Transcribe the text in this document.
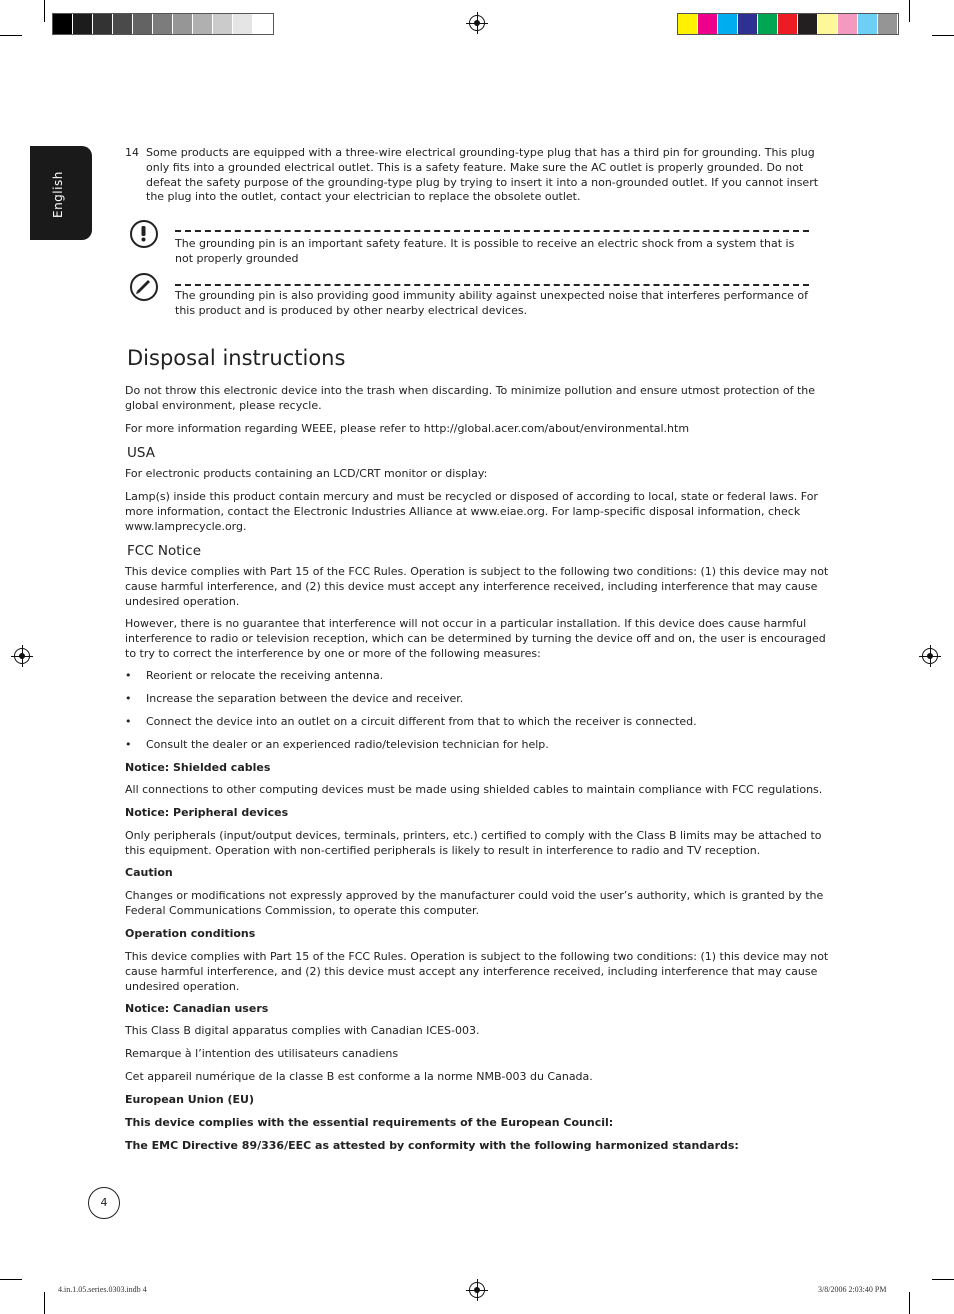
English
14 Some products are equipped with a three-wire electrical grounding-type plug that has a third pin for grounding. This plug only fits into a grounded electrical outlet. This is a safety feature. Make sure the AC outlet is properly grounded. Do not defeat the safety purpose of the grounding-type plug by trying to insert it into a non-grounded outlet. If you cannot insert the plug into the outlet, contact your electrician to replace the obsolete outlet.

The grounding pin is an important safety feature. It is possible to receive an electric shock from a system that is not properly grounded

The grounding pin is also providing good immunity ability against unexpected noise that interferes performance of this product and is produced by other nearby electrical devices.

Disposal instructions

Do not throw this electronic device into the trash when discarding. To minimize pollution and ensure utmost protection of the global environment, please recycle.

For more information regarding WEEE, please refer to http://global.acer.com/about/environmental.htm

USA

For electronic products containing an LCD/CRT monitor or display:

Lamp(s) inside this product contain mercury and must be recycled or disposed of according to local, state or federal laws. For more information, contact the Electronic Industries Alliance at www.eiae.org. For lamp-specific disposal information, check www.lamprecycle.org.

FCC Notice

This device complies with Part 15 of the FCC Rules. Operation is subject to the following two conditions: (1) this device may not cause harmful interference, and (2) this device must accept any interference received, including interference that may cause undesired operation.

However, there is no guarantee that interference will not occur in a particular installation. If this device does cause harmful interference to radio or television reception, which can be determined by turning the device off and on, the user is encouraged to try to correct the interference by one or more of the following measures:

• Reorient or relocate the receiving antenna.
• Increase the separation between the device and receiver.
• Connect the device into an outlet on a circuit different from that to which the receiver is connected.
• Consult the dealer or an experienced radio/television technician for help.

Notice: Shielded cables

All connections to other computing devices must be made using shielded cables to maintain compliance with FCC regulations.

Notice: Peripheral devices

Only peripherals (input/output devices, terminals, printers, etc.) certified to comply with the Class B limits may be attached to this equipment. Operation with non-certified peripherals is likely to result in interference to radio and TV reception.

Caution

Changes or modifications not expressly approved by the manufacturer could void the user’s authority, which is granted by the Federal Communications Commission, to operate this computer.

Operation conditions

This device complies with Part 15 of the FCC Rules. Operation is subject to the following two conditions: (1) this device may not cause harmful interference, and (2) this device must accept any interference received, including interference that may cause undesired operation.

Notice: Canadian users

This Class B digital apparatus complies with Canadian ICES-003.

Remarque à l’intention des utilisateurs canadiens

Cet appareil numérique de la classe B est conforme a la norme NMB-003 du Canada.

European Union (EU)

This device complies with the essential requirements of the European Council:

The EMC Directive 89/336/EEC as attested by conformity with the following harmonized standards:

4
4.in.1.05.series.0303.indb 4	3/8/2006 2:03:40 PM
